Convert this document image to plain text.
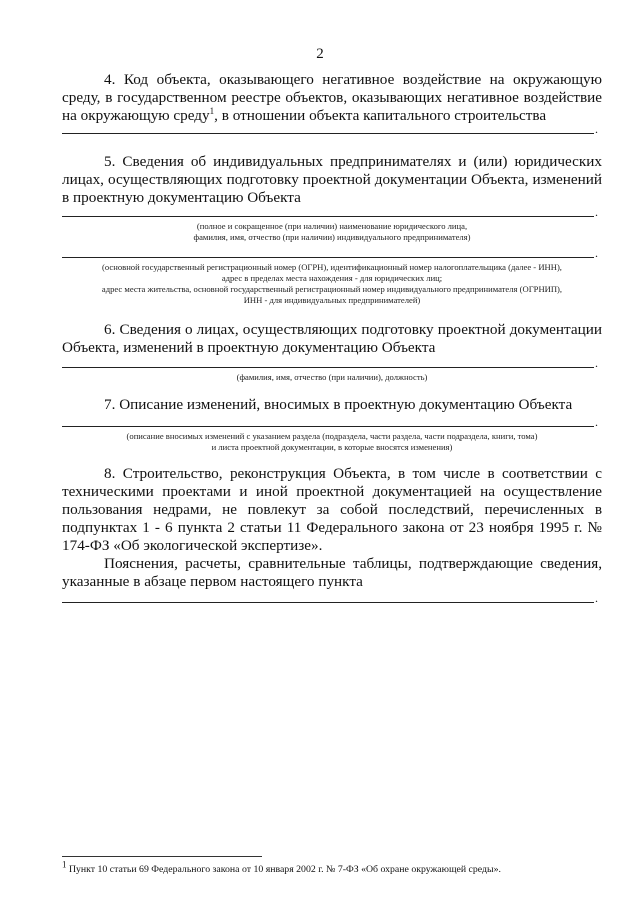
2

4. Код объекта, оказывающего негативное воздействие на окружающую среду, в государственном реестре объектов, оказывающих негативное воздействие на окружающую среду$^1$, в отношении объекта капитального строительства

.

5. Сведения об индивидуальных предпринимателях и (или) юридических лицах, осуществляющих подготовку проектной документации Объекта, изменений в проектную документацию Объекта

.
(полное и сокращенное (при наличии) наименование юридического лица,
фамилия, имя, отчество (при наличии) индивидуального предпринимателя)
.
(основной государственный регистрационный номер (ОГРН), идентификационный номер налогоплательщика (далее - ИНН),
адрес в пределах места нахождения - для юридических лиц;
адрес места жительства, основной государственный регистрационный номер индивидуального предпринимателя (ОГРНИП),
ИНН - для индивидуальных предпринимателей)

6. Сведения о лицах, осуществляющих подготовку проектной документации Объекта, изменений в проектную документацию Объекта

.
(фамилия, имя, отчество (при наличии), должность)

7. Описание изменений, вносимых в проектную документацию Объекта

.
(описание вносимых изменений с указанием раздела (подраздела, части раздела, части подраздела, книги, тома)
и листа проектной документации, в которые вносятся изменения)

8. Строительство, реконструкция Объекта, в том числе в соответствии с техническими проектами и иной проектной документацией на осуществление пользования недрами, не повлекут за собой последствий, перечисленных в подпунктах 1 - 6 пункта 2 статьи 11 Федерального закона от 23 ноября 1995 г. № 174-ФЗ «Об экологической экспертизе».

Пояснения, расчеты, сравнительные таблицы, подтверждающие сведения, указанные в абзаце первом настоящего пункта

.
$^1$ Пункт 10 статьи 69 Федерального закона от 10 января 2002 г. № 7-ФЗ «Об охране окружающей среды».
